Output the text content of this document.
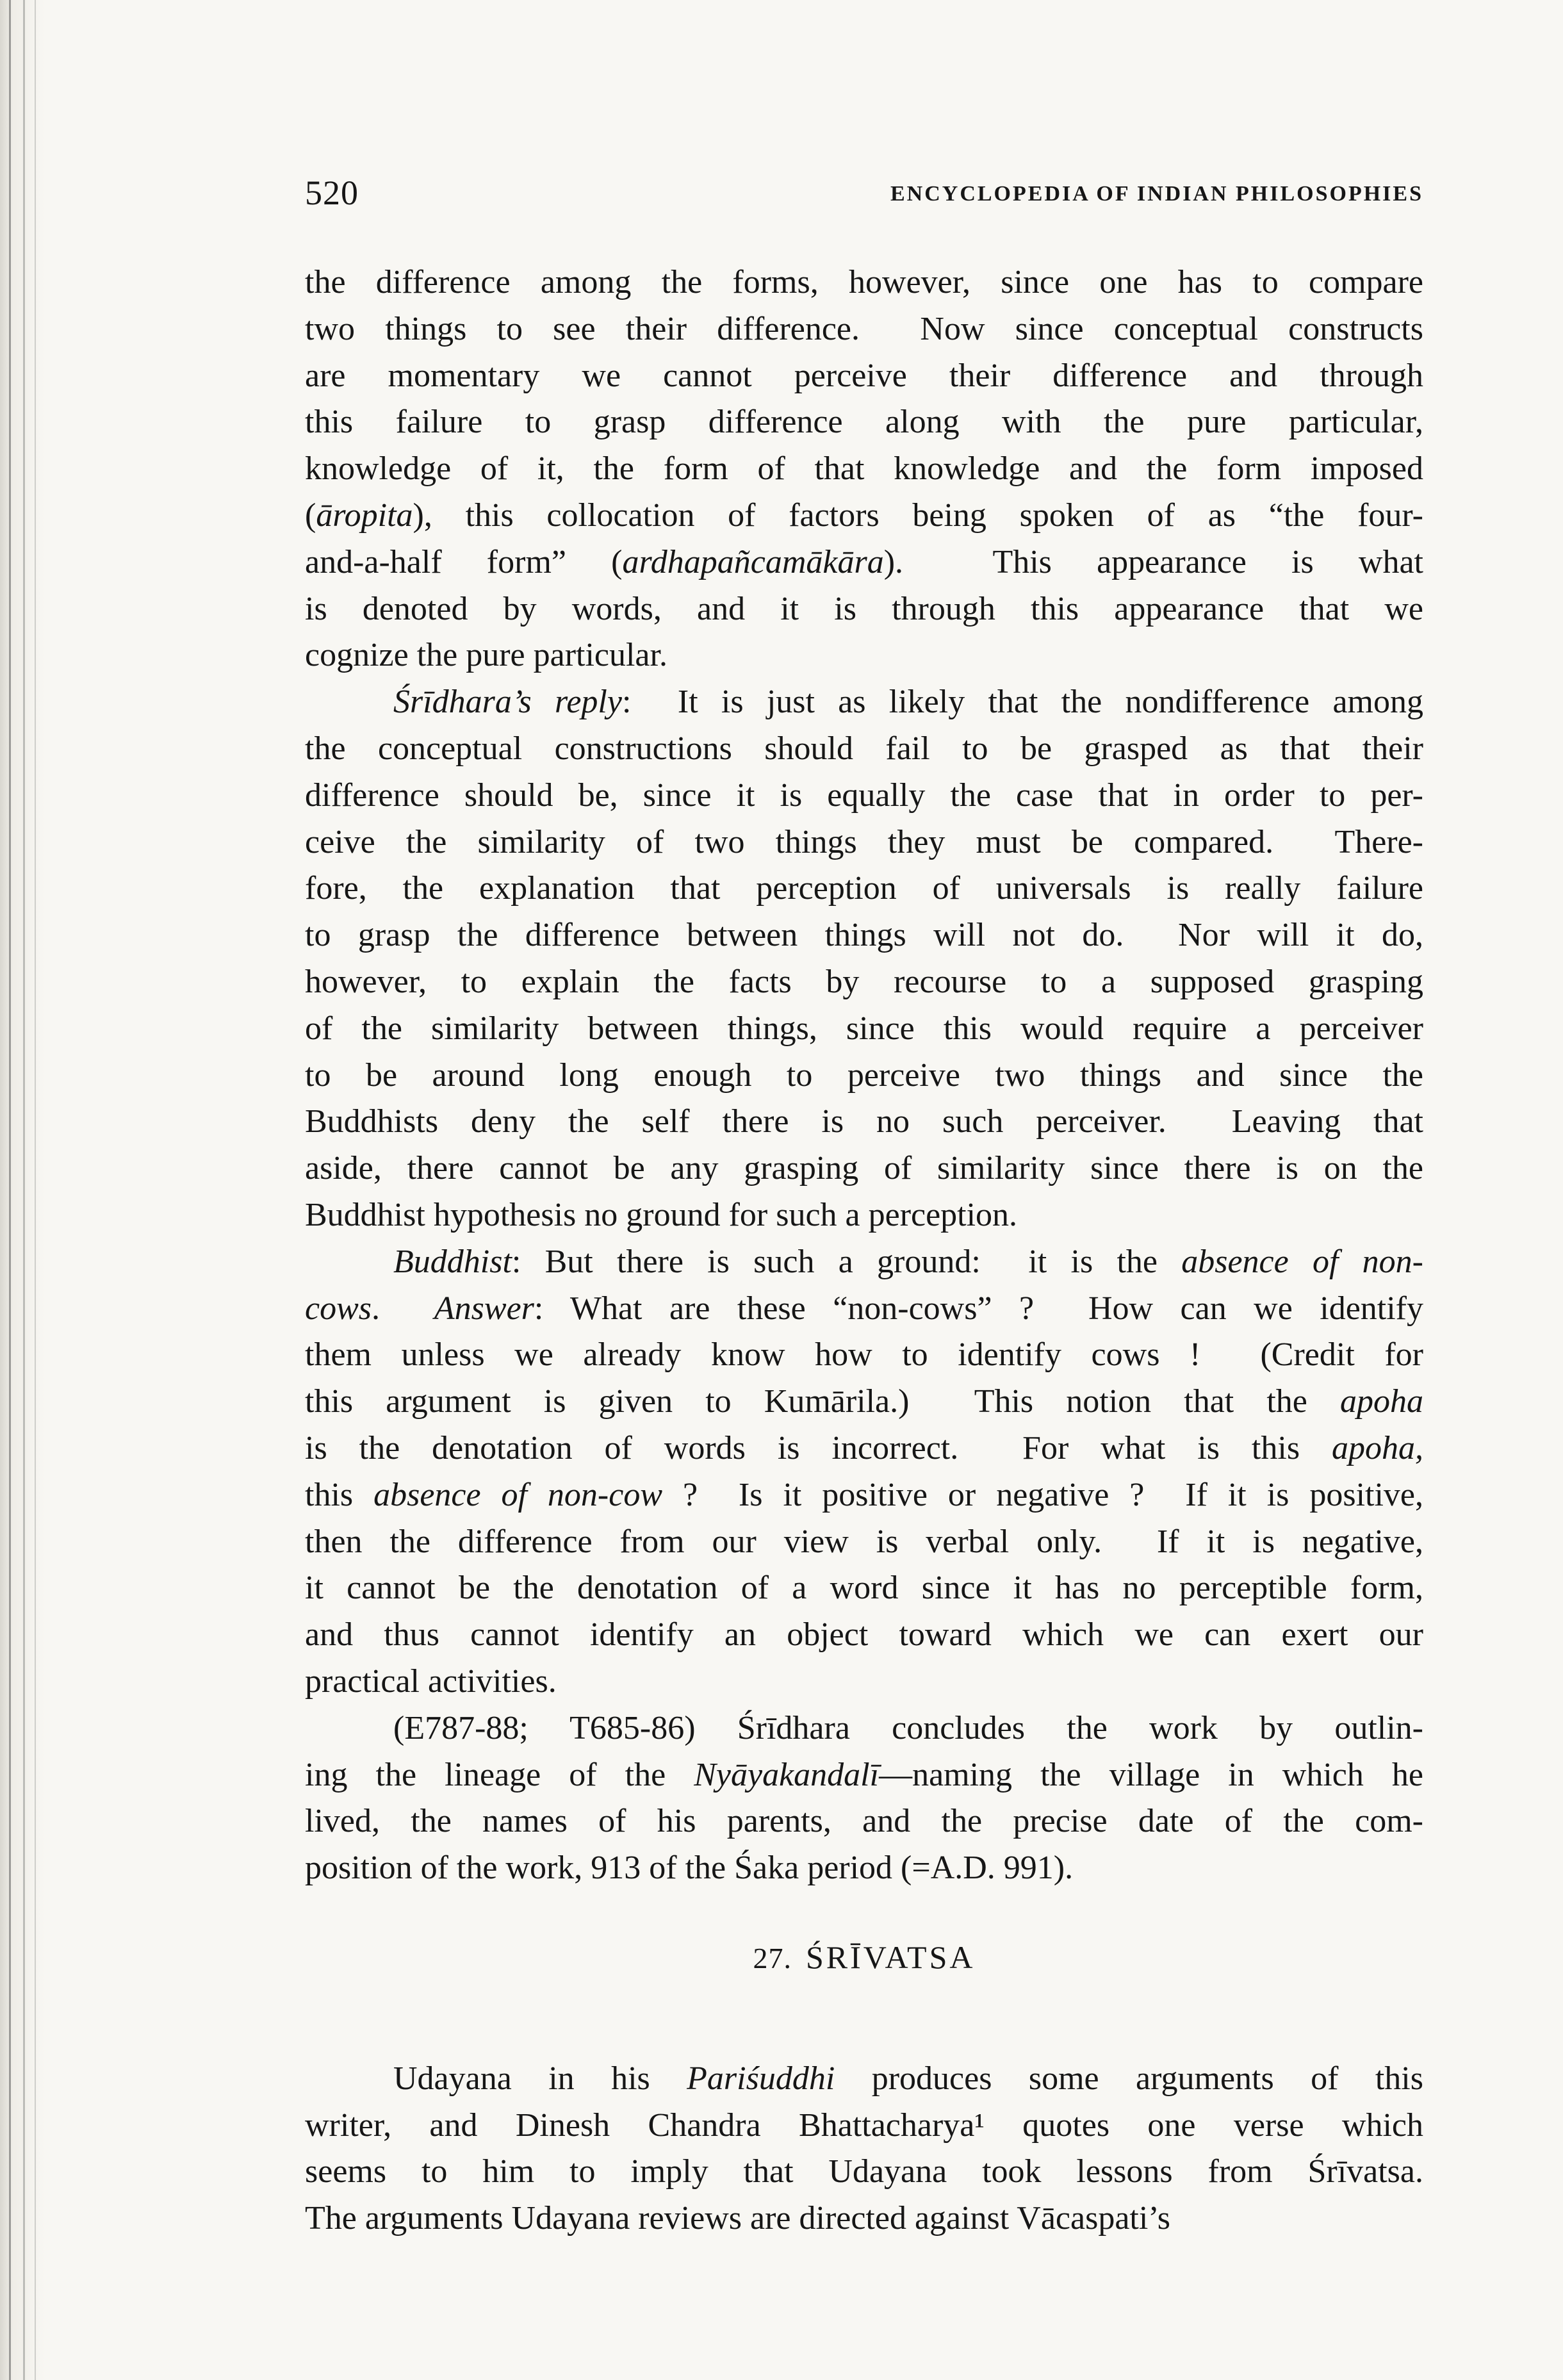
520	ENCYCLOPEDIA OF INDIAN PHILOSOPHIES
the difference among the forms, however, since one has to compare
two things to see their difference.  Now since conceptual constructs
are momentary we cannot perceive their difference and through
this failure to grasp difference along with the pure particular,
knowledge of it, the form of that knowledge and the form imposed
(āropita), this collocation of factors being spoken of as “the four-
and-a-half form” (ardhapañcamākāra).  This appearance is what
is denoted by words, and it is through this appearance that we
cognize the pure particular.
Śrīdhara’s reply:  It is just as likely that the nondifference among
the conceptual constructions should fail to be grasped as that their
difference should be, since it is equally the case that in order to per-
ceive the similarity of two things they must be compared.  There-
fore, the explanation that perception of universals is really failure
to grasp the difference between things will not do.  Nor will it do,
however, to explain the facts by recourse to a supposed grasping
of the similarity between things, since this would require a perceiver
to be around long enough to perceive two things and since the
Buddhists deny the self there is no such perceiver.  Leaving that
aside, there cannot be any grasping of similarity since there is on the
Buddhist hypothesis no ground for such a perception.
Buddhist: But there is such a ground:  it is the absence of non-
cows.  Answer: What are these “non-cows” ?  How can we identify
them unless we already know how to identify cows !  (Credit for
this argument is given to Kumārila.)  This notion that the apoha
is the denotation of words is incorrect.  For what is this apoha,
this absence of non-cow ?  Is it positive or negative ?  If it is positive,
then the difference from our view is verbal only.  If it is negative,
it cannot be the denotation of a word since it has no perceptible form,
and thus cannot identify an object toward which we can exert our
practical activities.
(E787-88; T685-86) Śrīdhara concludes the work by outlin-
ing the lineage of the Nyāyakandalī—naming the village in which he
lived, the names of his parents, and the precise date of the com-
position of the work, 913 of the Śaka period (=A.D. 991).
27. ŚRĪVATSA
Udayana in his Pariśuddhi produces some arguments of this
writer, and Dinesh Chandra Bhattacharya¹ quotes one verse which
seems to him to imply that Udayana took lessons from Śrīvatsa.
The arguments Udayana reviews are directed against Vācaspati’s
